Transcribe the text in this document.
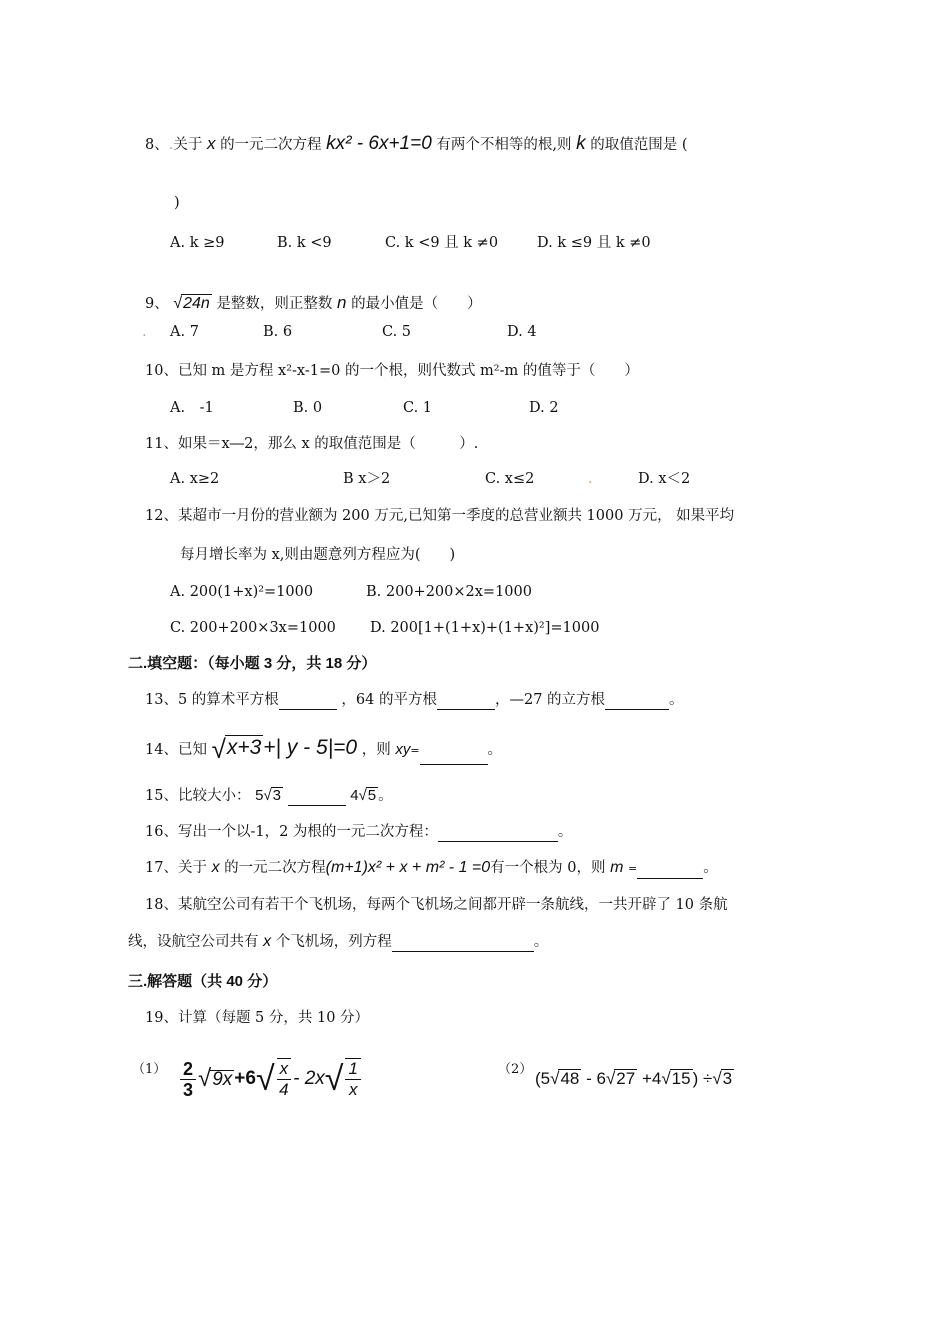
8、.关于 x 的一元二次方程 kx² - 6x+1=0 有两个不相等的根,则 k 的取值范围是 (
)
A. k ≥9	B. k <9	C. k <9 且 k ≠0	D. k ≤9 且 k ≠0
9、 √24n 是整数，则正整数 n 的最小值是（　　）
. A. 7	B. 6	C. 5	D. 4
10、已知 m 是方程 x²-x-1=0 的一个根，则代数式 m²-m 的值等于（　　）
A.　-1	B. 0	C. 1	D. 2
11、如果＝x―2，那么 x 的取值范围是（　　　）.
A. x≥2	B x＞2	C. x≤2	.	D. x＜2
12、某超市一月份的营业额为 200 万元,已知第一季度的总营业额共 1000 万元， 如果平均
每月增长率为 x,则由题意列方程应为(　　)
A. 200(1+x)²=1000	B. 200+200×2x=1000
C. 200+200×3x=1000 D. 200[1+(1+x)+(1+x)²]=1000
二.填空题：（每小题 3 分，共 18 分）
13、5 的算术平方根	，64 的平方根	，—27 的立方根	。
14、已知 √x+3+| y - 5|=0 ，则 xy=	。
15、比较大小： 5√3	4√5 。
16、写出一个以-1，2 为根的一元二次方程：	。
17、关于 x 的一元二次方程(m+1)x² + x + m² - 1 =0有一个根为 0，则 m =	。
18、某航空公司有若干个飞机场，每两个飞机场之间都开辟一条航线，一共开辟了 10 条航
线，设航空公司共有 x 个飞机场，列方程	。
三.解答题（共 40 分）
19、计算（每题 5 分，共 10 分）
$(1) \frac{2}{3} √9x +6√ \frac{x}{4} - 2x√ \frac{1}{x}$	（2） (5√48 - 6√27 +4√15 ) ÷√3
